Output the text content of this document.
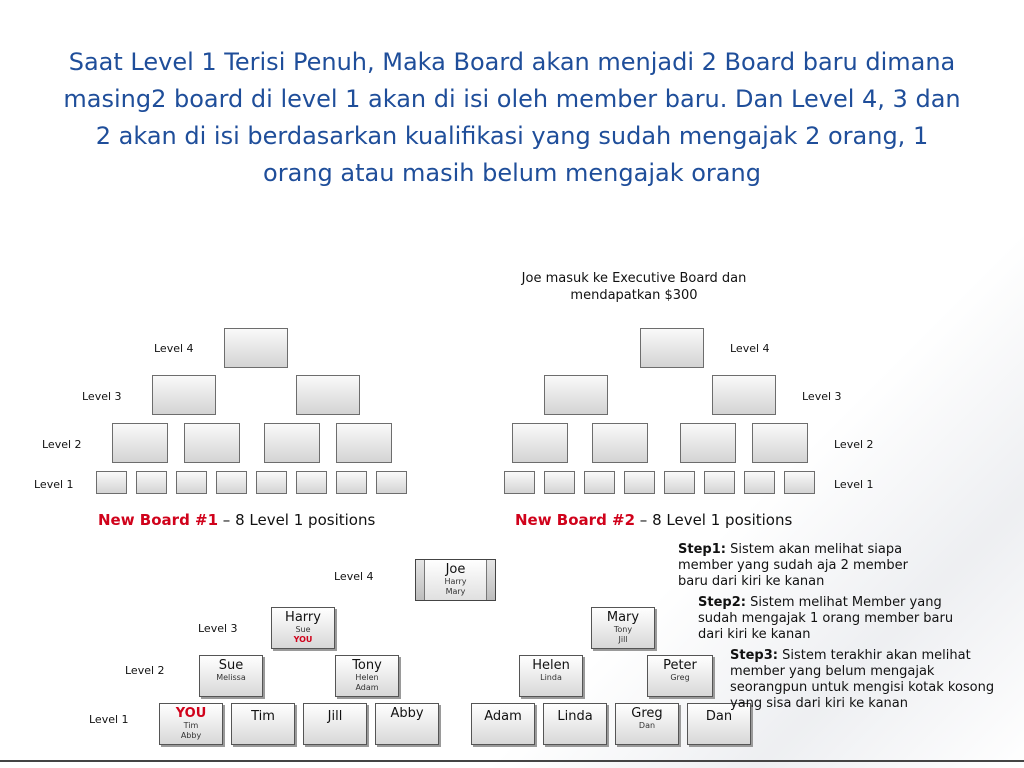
Saat Level 1 Terisi Penuh, Maka Board akan menjadi 2 Board baru dimana masing2 board di level 1 akan di isi oleh member baru. Dan Level 4, 3 dan 2 akan di isi berdasarkan kualifikasi yang sudah mengajak 2 orang, 1 orang atau masih belum mengajak orang
Joe masuk ke Executive Board dan mendapatkan $300
Level 4
Level 3
Level 2
Level 1
New Board #1 – 8 Level 1 positions
Level 4
Level 3
Level 2
Level 1
New Board #2 – 8 Level 1 positions
Level 4
Level 3
Level 2
Level 1
Joe
Harry
Mary
Harry
Sue
YOU
Mary
Tony
Jill
Sue
Melissa
Tony
Helen
Adam
Helen
Linda
Peter
Greg
YOU
Tim
Abby
Tim	Jill	Abby	Adam	Linda	Greg
Dan
Dan
Step1: Sistem akan melihat siapa member yang sudah aja 2 member baru dari kiri ke kanan
Step2: Sistem melihat Member yang sudah mengajak 1 orang member baru dari kiri ke kanan
Step3: Sistem terakhir akan melihat member yang belum mengajak seorangpun untuk mengisi kotak kosong yang sisa dari kiri ke kanan
